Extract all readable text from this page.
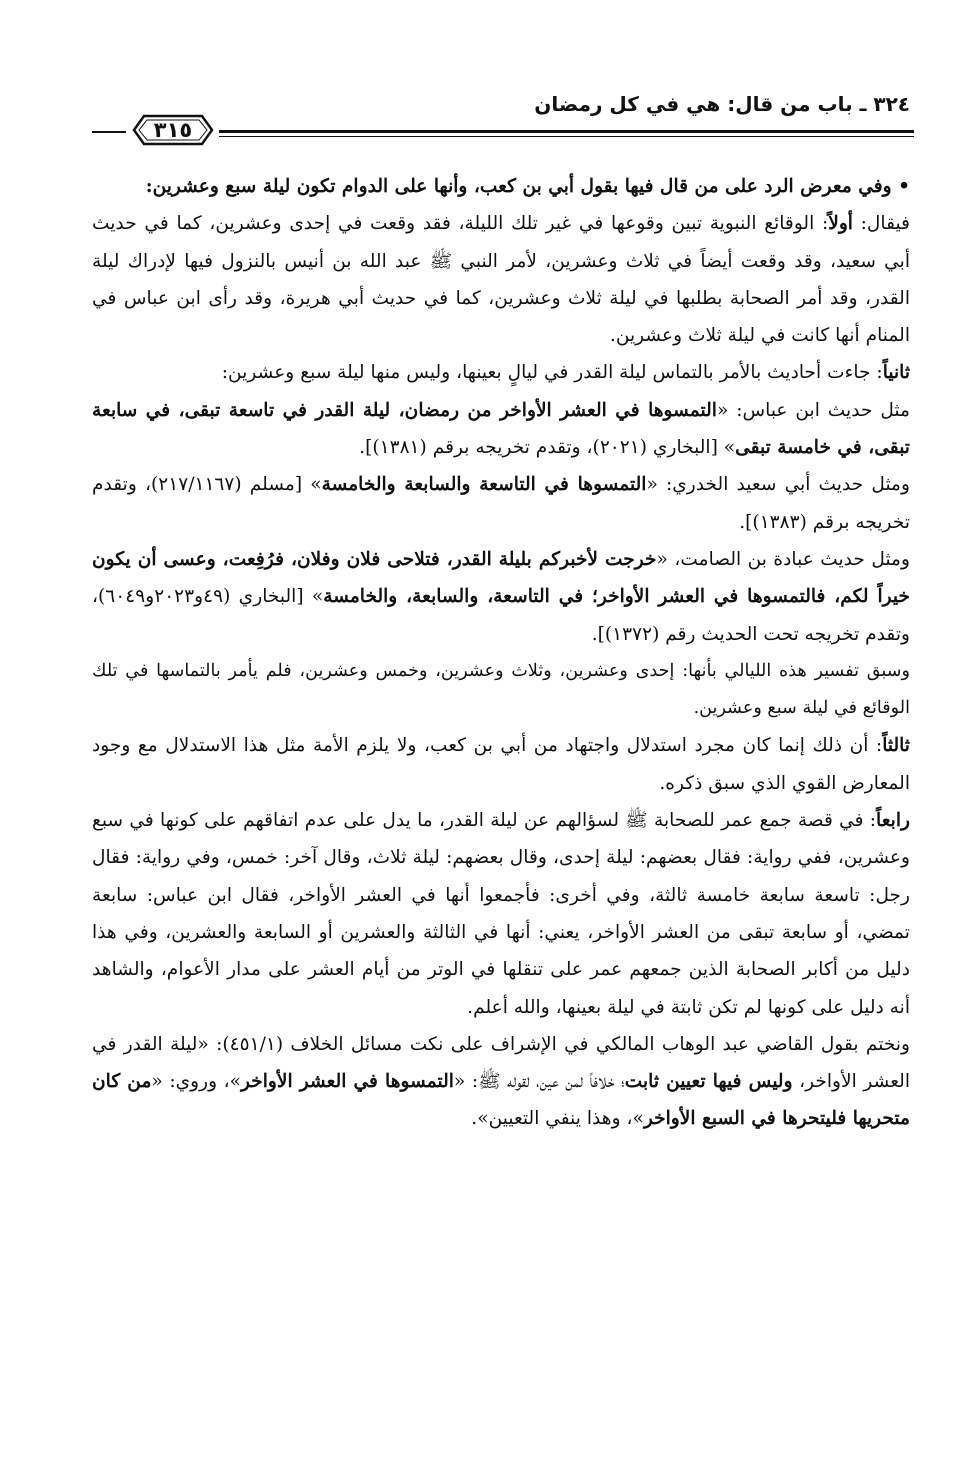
٣٢٤ ـ باب من قال: هي في كل رمضان
٣١٥

• وفي معرض الرد على من قال فيها بقول أبي بن كعب، وأنها على الدوام تكون ليلة سبع وعشرين:

فيقال: أولاً: الوقائع النبوية تبين وقوعها في غير تلك الليلة، فقد وقعت في إحدى وعشرين، كما في حديث أبي سعيد، وقد وقعت أيضاً في ثلاث وعشرين، لأمر النبي ﷺ عبد الله بن أنيس بالنزول فيها لإدراك ليلة القدر، وقد أمر الصحابة بطلبها في ليلة ثلاث وعشرين، كما في حديث أبي هريرة، وقد رأى ابن عباس في المنام أنها كانت في ليلة ثلاث وعشرين.

ثانياً: جاءت أحاديث بالأمر بالتماس ليلة القدر في ليالٍ بعينها، وليس منها ليلة سبع وعشرين:

مثل حديث ابن عباس: «التمسوها في العشر الأواخر من رمضان، ليلة القدر في تاسعة تبقى، في سابعة تبقى، في خامسة تبقى» [البخاري (٢٠٢١)، وتقدم تخريجه برقم (١٣٨١)].

ومثل حديث أبي سعيد الخدري: «التمسوها في التاسعة والسابعة والخامسة» [مسلم (٢١٧/١١٦٧)، وتقدم تخريجه برقم (١٣٨٣)].

ومثل حديث عبادة بن الصامت، «خرجت لأخبركم بليلة القدر، فتلاحى فلان وفلان، فرُفِعت، وعسى أن يكون خيراً لكم، فالتمسوها في العشر الأواخر؛ في التاسعة، والسابعة، والخامسة» [البخاري (٤٩و٢٠٢٣و٦٠٤٩)، وتقدم تخريجه تحت الحديث رقم (١٣٧٢)].

وسبق تفسير هذه الليالي بأنها: إحدى وعشرين، وثلاث وعشرين، وخمس وعشرين، فلم يأمر بالتماسها في تلك الوقائع في ليلة سبع وعشرين.

ثالثاً: أن ذلك إنما كان مجرد استدلال واجتهاد من أبي بن كعب، ولا يلزم الأمة مثل هذا الاستدلال مع وجود المعارض القوي الذي سبق ذكره.

رابعاً: في قصة جمع عمر للصحابة ﷺ لسؤالهم عن ليلة القدر، ما يدل على عدم اتفاقهم على كونها في سبع وعشرين، ففي رواية: فقال بعضهم: ليلة إحدى، وقال بعضهم: ليلة ثلاث، وقال آخر: خمس، وفي رواية: فقال رجل: تاسعة سابعة خامسة ثالثة، وفي أخرى: فأجمعوا أنها في العشر الأواخر، فقال ابن عباس: سابعة تمضي، أو سابعة تبقى من العشر الأواخر، يعني: أنها في الثالثة والعشرين أو السابعة والعشرين، وفي هذا دليل من أكابر الصحابة الذين جمعهم عمر على تنقلها في الوتر من أيام العشر على مدار الأعوام، والشاهد أنه دليل على كونها لم تكن ثابتة في ليلة بعينها، والله أعلم.

ونختم بقول القاضي عبد الوهاب المالكي في الإشراف على نكت مسائل الخلاف (٤٥١/١): «ليلة القدر في العشر الأواخر، وليس فيها تعيين ثابت؛ خلافاً لمن عين، لقوله ﷺ: «التمسوها في العشر الأواخر»، وروي: «من كان متحريها فليتحرها في السبع الأواخر»، وهذا ينفي التعيين».
